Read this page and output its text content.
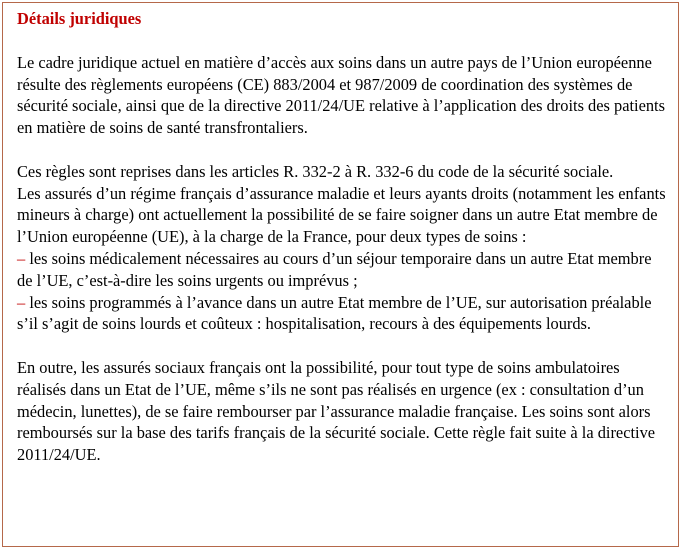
Détails juridiques

Le cadre juridique actuel en matière d’accès aux soins dans un autre pays de l’Union européenne résulte des règlements européens (CE) 883/2004 et 987/2009 de coordination des systèmes de sécurité sociale, ainsi que de la directive 2011/24/UE relative à l’application des droits des patients en matière de soins de santé transfrontaliers.

Ces règles sont reprises dans les articles R. 332-2 à R. 332-6 du code de la sécurité sociale.

Les assurés d’un régime français d’assurance maladie et leurs ayants droits (notamment les enfants mineurs à charge) ont actuellement la possibilité de se faire soigner dans un autre Etat membre de l’Union européenne (UE), à la charge de la France, pour deux types de soins :

– les soins médicalement nécessaires au cours d’un séjour temporaire dans un autre Etat membre de l’UE, c’est-à-dire les soins urgents ou imprévus ;

– les soins programmés à l’avance dans un autre Etat membre de l’UE, sur autorisation préalable s’il s’agit de soins lourds et coûteux : hospitalisation, recours à des équipements lourds.

En outre, les assurés sociaux français ont la possibilité, pour tout type de soins ambulatoires réalisés dans un Etat de l’UE, même s’ils ne sont pas réalisés en urgence (ex : consultation d’un médecin, lunettes), de se faire rembourser par l’assurance maladie française. Les soins sont alors remboursés sur la base des tarifs français de la sécurité sociale. Cette règle fait suite à la directive 2011/24/UE.
